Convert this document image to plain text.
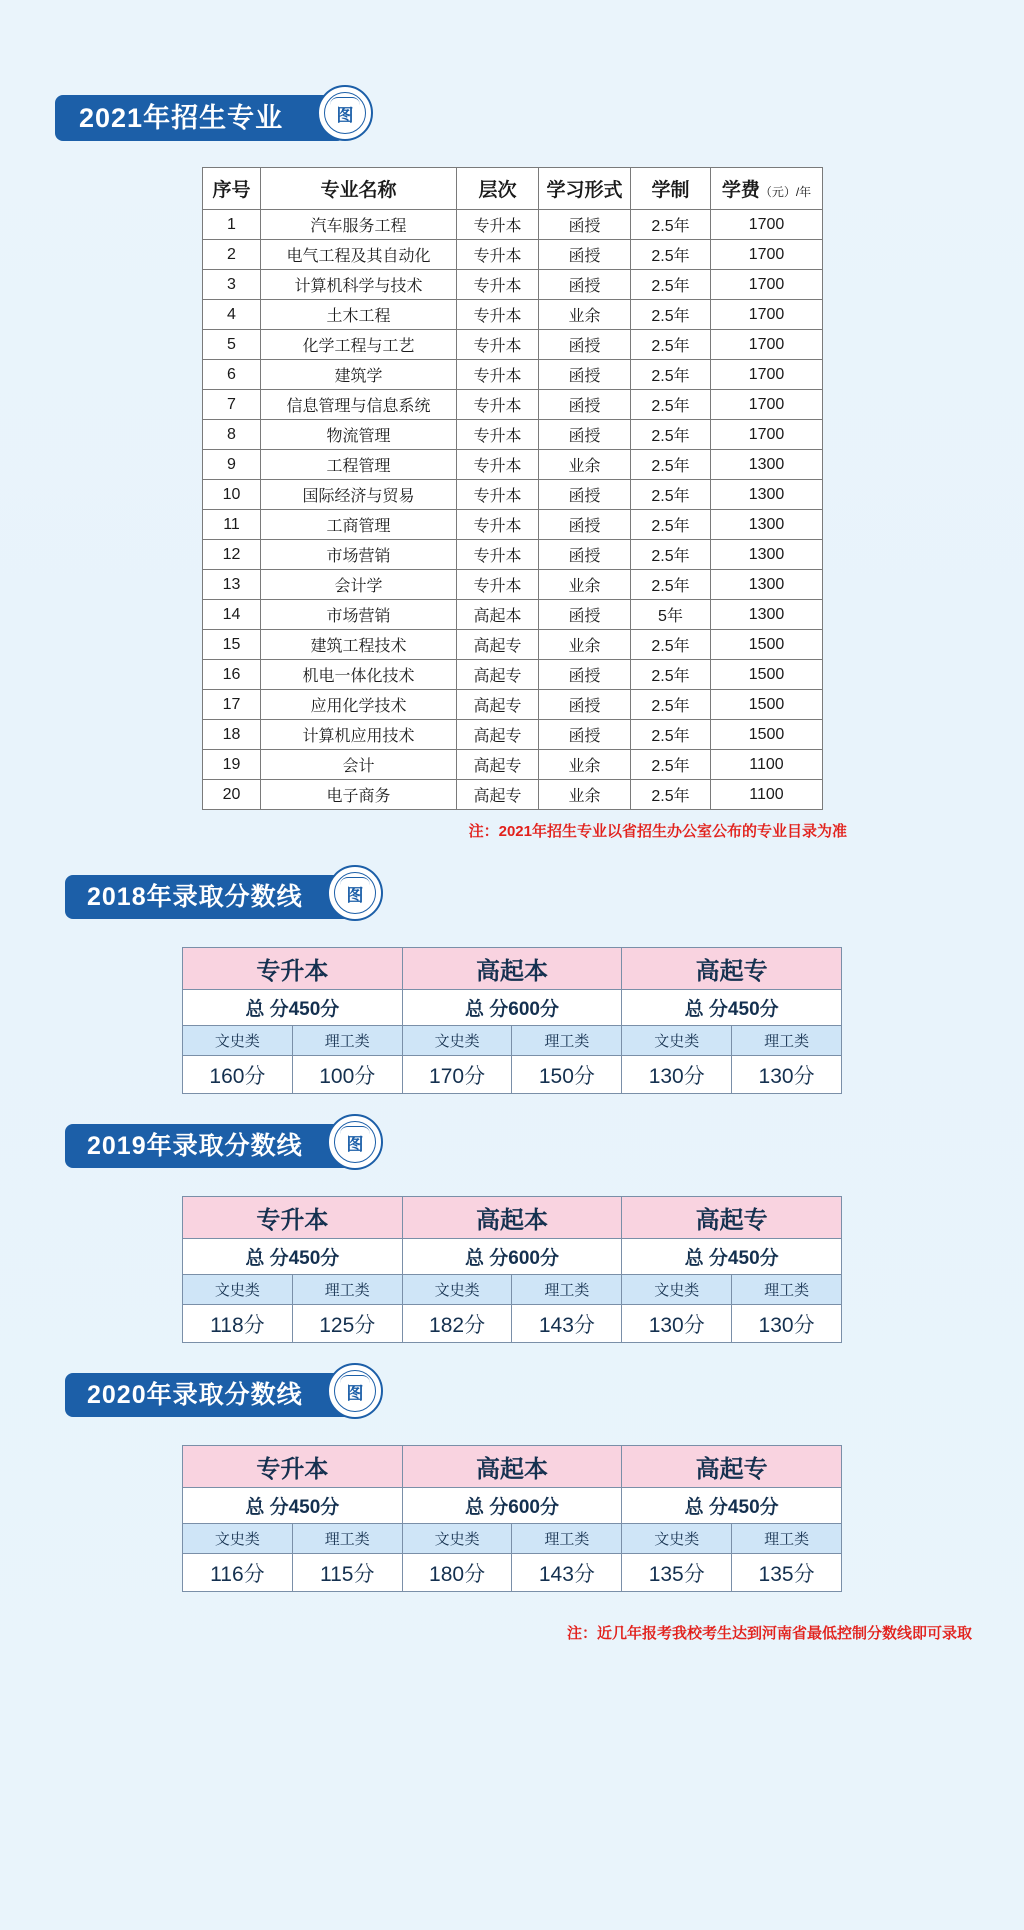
2021年招生专业	图
序号	专业名称	层次	学习形式	学制	学费（元）/年
1	汽车服务工程	专升本	函授	2.5年	1700
2	电气工程及其自动化	专升本	函授	2.5年	1700
3	计算机科学与技术	专升本	函授	2.5年	1700
4	土木工程	专升本	业余	2.5年	1700
5	化学工程与工艺	专升本	函授	2.5年	1700
6	建筑学	专升本	函授	2.5年	1700
7	信息管理与信息系统	专升本	函授	2.5年	1700
8	物流管理	专升本	函授	2.5年	1700
9	工程管理	专升本	业余	2.5年	1300
10	国际经济与贸易	专升本	函授	2.5年	1300
11	工商管理	专升本	函授	2.5年	1300
12	市场营销	专升本	函授	2.5年	1300
13	会计学	专升本	业余	2.5年	1300
14	市场营销	高起本	函授	5年	1300
15	建筑工程技术	高起专	业余	2.5年	1500
16	机电一体化技术	高起专	函授	2.5年	1500
17	应用化学技术	高起专	函授	2.5年	1500
18	计算机应用技术	高起专	函授	2.5年	1500
19	会计	高起专	业余	2.5年	1100
20	电子商务	高起专	业余	2.5年	1100
注：2021年招生专业以省招生办公室公布的专业目录为准
2018年录取分数线	图
专升本		高起本		高起专	
总 分450分		总 分600分		总 分450分	
文史类	理工类	文史类	理工类	文史类	理工类
160分	100分	170分	150分	130分	130分
2019年录取分数线	图
专升本		高起本		高起专	
总 分450分		总 分600分		总 分450分	
文史类	理工类	文史类	理工类	文史类	理工类
118分	125分	182分	143分	130分	130分
2020年录取分数线	图
专升本		高起本		高起专	
总 分450分		总 分600分		总 分450分	
文史类	理工类	文史类	理工类	文史类	理工类
116分	115分	180分	143分	135分	135分
注：近几年报考我校考生达到河南省最低控制分数线即可录取
